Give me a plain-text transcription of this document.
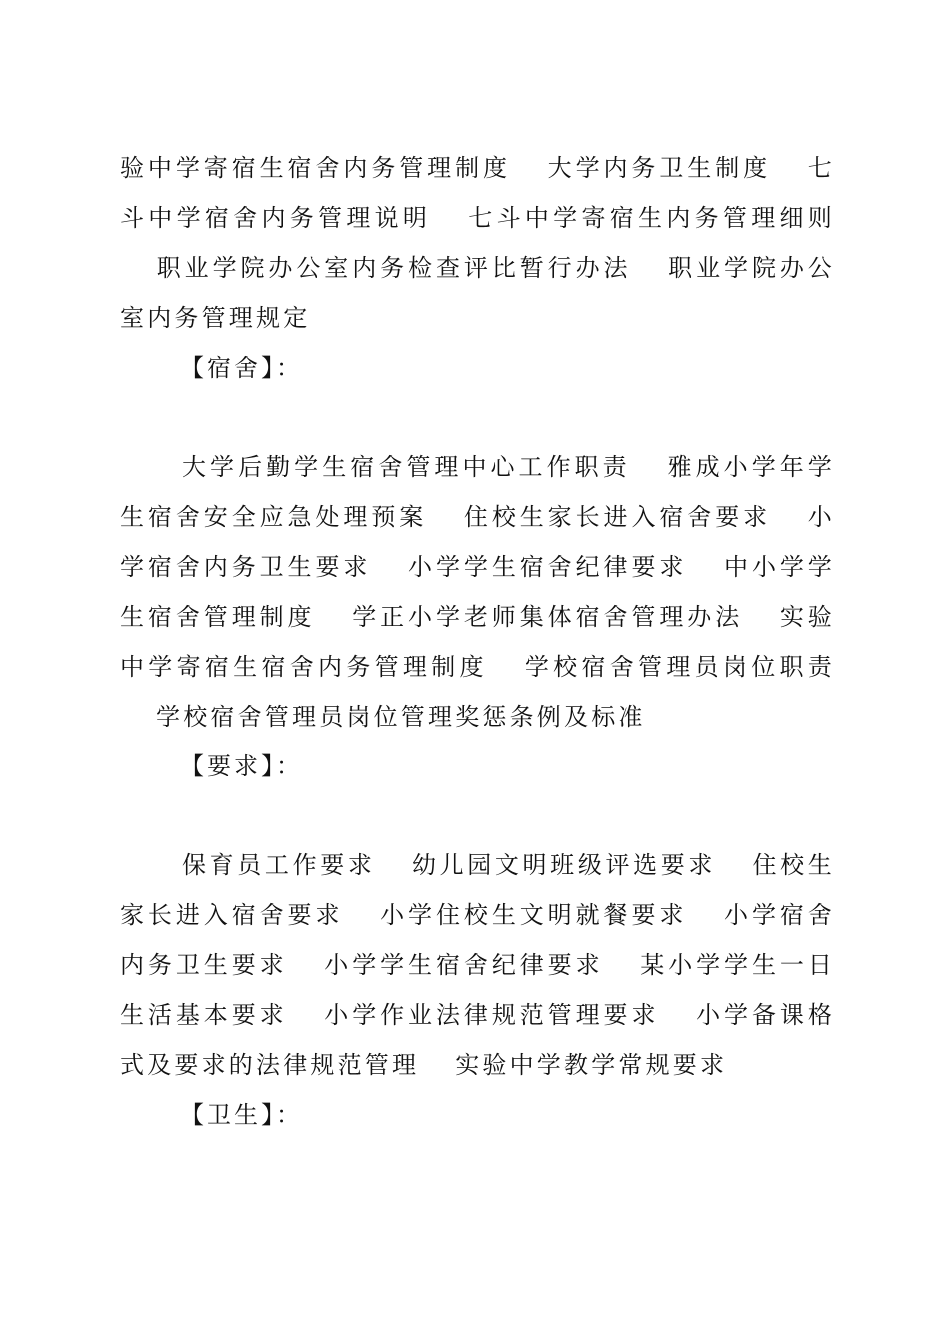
验中学寄宿生宿舍内务管理制度 大学内务卫生制度 七斗中学宿舍内务管理说明 七斗中学寄宿生内务管理细则职业学院办公室内务检查评比暂行办法 职业学院办公室内务管理规定

【宿舍】：

大学后勤学生宿舍管理中心工作职责 雅成小学年学生宿舍安全应急处理预案 住校生家长进入宿舍要求 小学宿舍内务卫生要求 小学学生宿舍纪律要求 中小学学生宿舍管理制度 学正小学老师集体宿舍管理办法 实验中学寄宿生宿舍内务管理制度 学校宿舍管理员岗位职责学校宿舍管理员岗位管理奖惩条例及标准

【要求】：

保育员工作要求 幼儿园文明班级评选要求 住校生家长进入宿舍要求 小学住校生文明就餐要求 小学宿舍内务卫生要求 小学学生宿舍纪律要求 某小学学生一日生活基本要求 小学作业法律规范管理要求 小学备课格式及要求的法律规范管理 实验中学教学常规要求

【卫生】：
